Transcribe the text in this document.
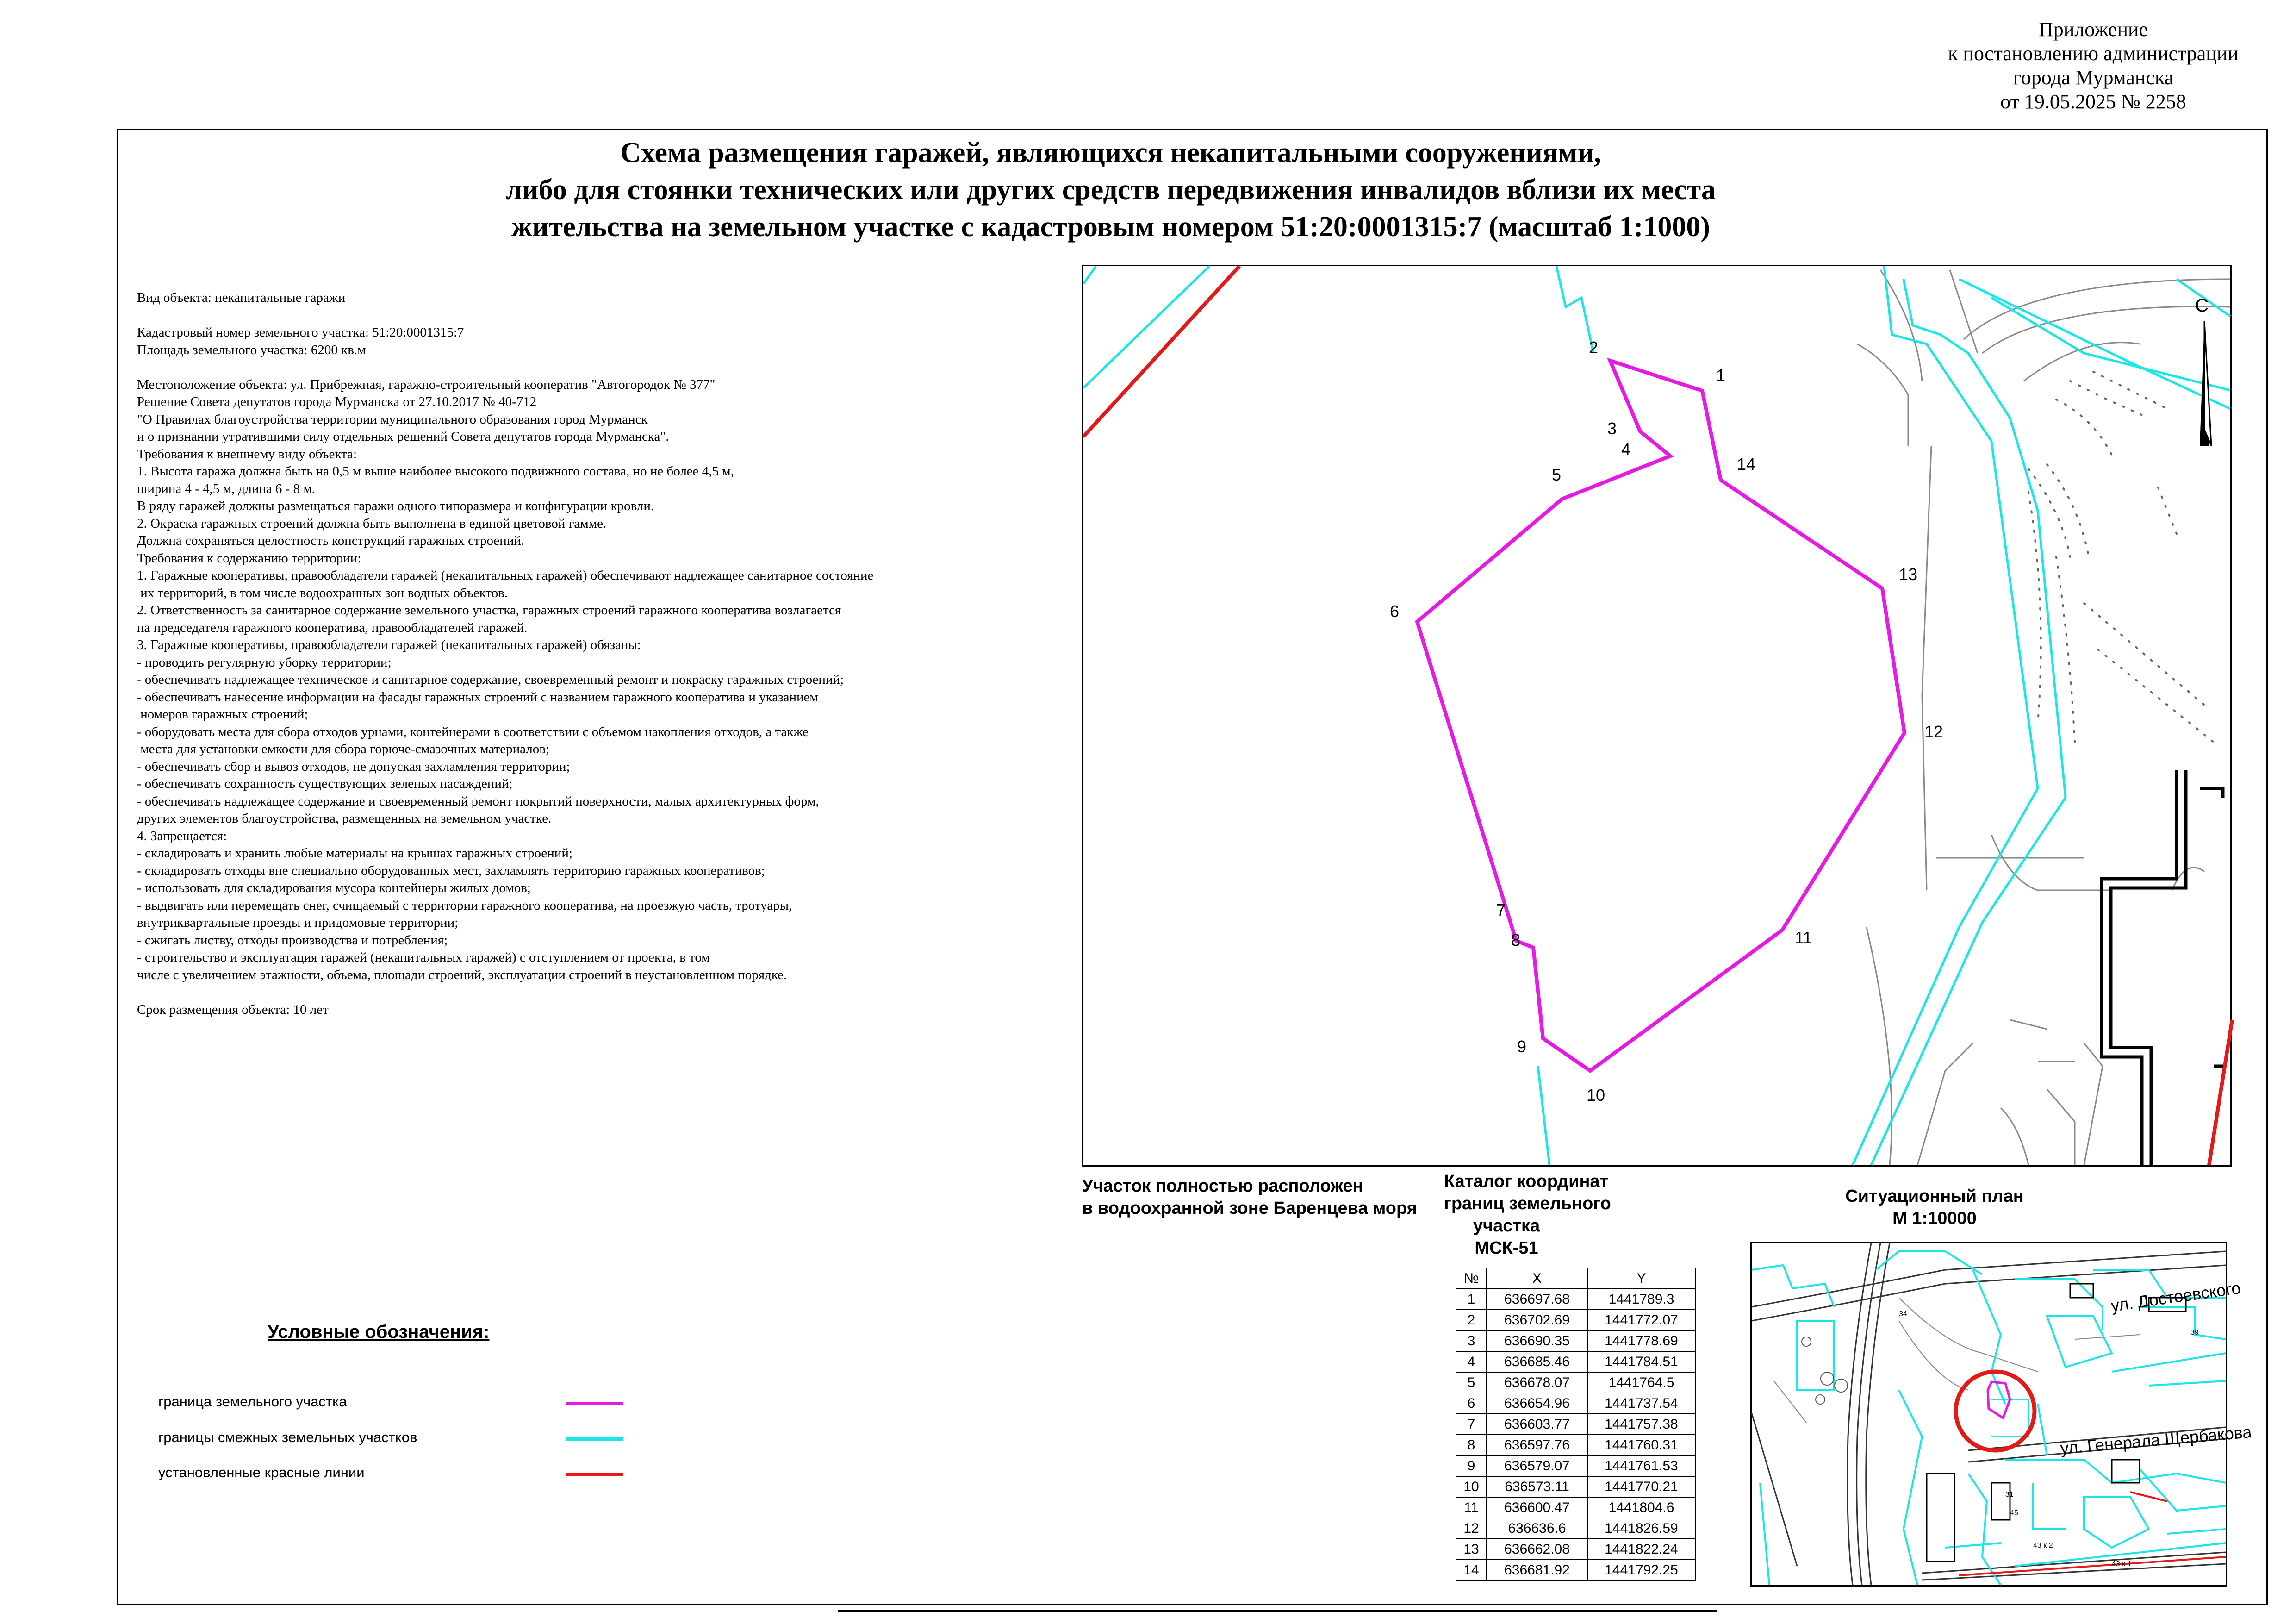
Приложение
к постановлению администрации
города Мурманска
от 19.05.2025 № 2258
Схема размещения гаражей, являющихся некапитальными сооружениями,
либо для стоянки технических или других средств передвижения инвалидов вблизи их места
жительства на земельном участке с кадастровым номером 51:20:0001315:7 (масштаб 1:1000)
Вид объекта: некапитальные гаражи
Кадастровый номер земельного участка: 51:20:0001315:7
Площадь земельного участка: 6200 кв.м
Местоположение объекта: ул. Прибрежная, гаражно-строительный кооператив "Автогородок № 377"
Решение Совета депутатов города Мурманска от 27.10.2017 № 40-712
"О Правилах благоустройства территории муниципального образования город Мурманск
и о признании утратившими силу отдельных решений Совета депутатов города Мурманска".
Требования к внешнему виду объекта:
1. Высота гаража должна быть на 0,5 м выше наиболее высокого подвижного состава, но не более 4,5 м,
ширина 4 - 4,5 м, длина 6 - 8 м.
В ряду гаражей должны размещаться гаражи одного типоразмера и конфигурации кровли.
2. Окраска гаражных строений должна быть выполнена в единой цветовой гамме.
Должна сохраняться целостность конструкций гаражных строений.
Требования к содержанию территории:
1. Гаражные кооперативы, правообладатели гаражей (некапитальных гаражей) обеспечивают надлежащее санитарное состояние
их территорий, в том числе водоохранных зон водных объектов.
2. Ответственность за санитарное содержание земельного участка, гаражных строений гаражного кооператива возлагается
на председателя гаражного кооператива, правообладателей гаражей.
3. Гаражные кооперативы, правообладатели гаражей (некапитальных гаражей) обязаны:
- проводить регулярную уборку территории;
- обеспечивать надлежащее техническое и санитарное содержание, своевременный ремонт и покраску гаражных строений;
- обеспечивать нанесение информации на фасады гаражных строений с названием гаражного кооператива и указанием
номеров гаражных строений;
- оборудовать места для сбора отходов урнами, контейнерами в соответствии с объемом накопления отходов, а также
места для установки емкости для сбора горюче-смазочных материалов;
- обеспечивать сбор и вывоз отходов, не допуская захламления территории;
- обеспечивать сохранность существующих зеленых насаждений;
- обеспечивать надлежащее содержание и своевременный ремонт покрытий поверхности, малых архитектурных форм,
других элементов благоустройства, размещенных на земельном участке.
4. Запрещается:
- складировать и хранить любые материалы на крышах гаражных строений;
- складировать отходы вне специально оборудованных мест, захламлять территорию гаражных кооперативов;
- использовать для складирования мусора контейнеры жилых домов;
- выдвигать или перемещать снег, счищаемый с территории гаражного кооператива, на проезжую часть, тротуары,
внутриквартальные проезды и придомовые территории;
- сжигать листву, отходы производства и потребления;
- строительство и эксплуатация гаражей (некапитальных гаражей) с отступлением от проекта, в том
числе с увеличением этажности, объема, площади строений, эксплуатации строений в неустановленном порядке.
Срок размещения объекта: 10 лет
1
2
3
4
5
6
7
8
9
10
11
12
13
14
С
Участок полностью расположен
в водоохранной зоне Баренцева моря
Каталог координат
границ земельного
участка
МСК-51
№	X	Y
1	636697.68	1441789.3
2	636702.69	1441772.07
3	636690.35	1441778.69
4	636685.46	1441784.51
5	636678.07	1441764.5
6	636654.96	1441737.54
7	636603.77	1441757.38
8	636597.76	1441760.31
9	636579.07	1441761.53
10	636573.11	1441770.21
11	636600.47	1441804.6
12	636636.6	1441826.59
13	636662.08	1441822.24
14	636681.92	1441792.25
Ситуационный план
М 1:10000
ул. Достоевского
ул. Генерала Щербакова
34
39
31
45
43 к 2
43 к 1
Условные обозначения:
граница земельного участка
границы смежных земельных участков
установленные красные линии
